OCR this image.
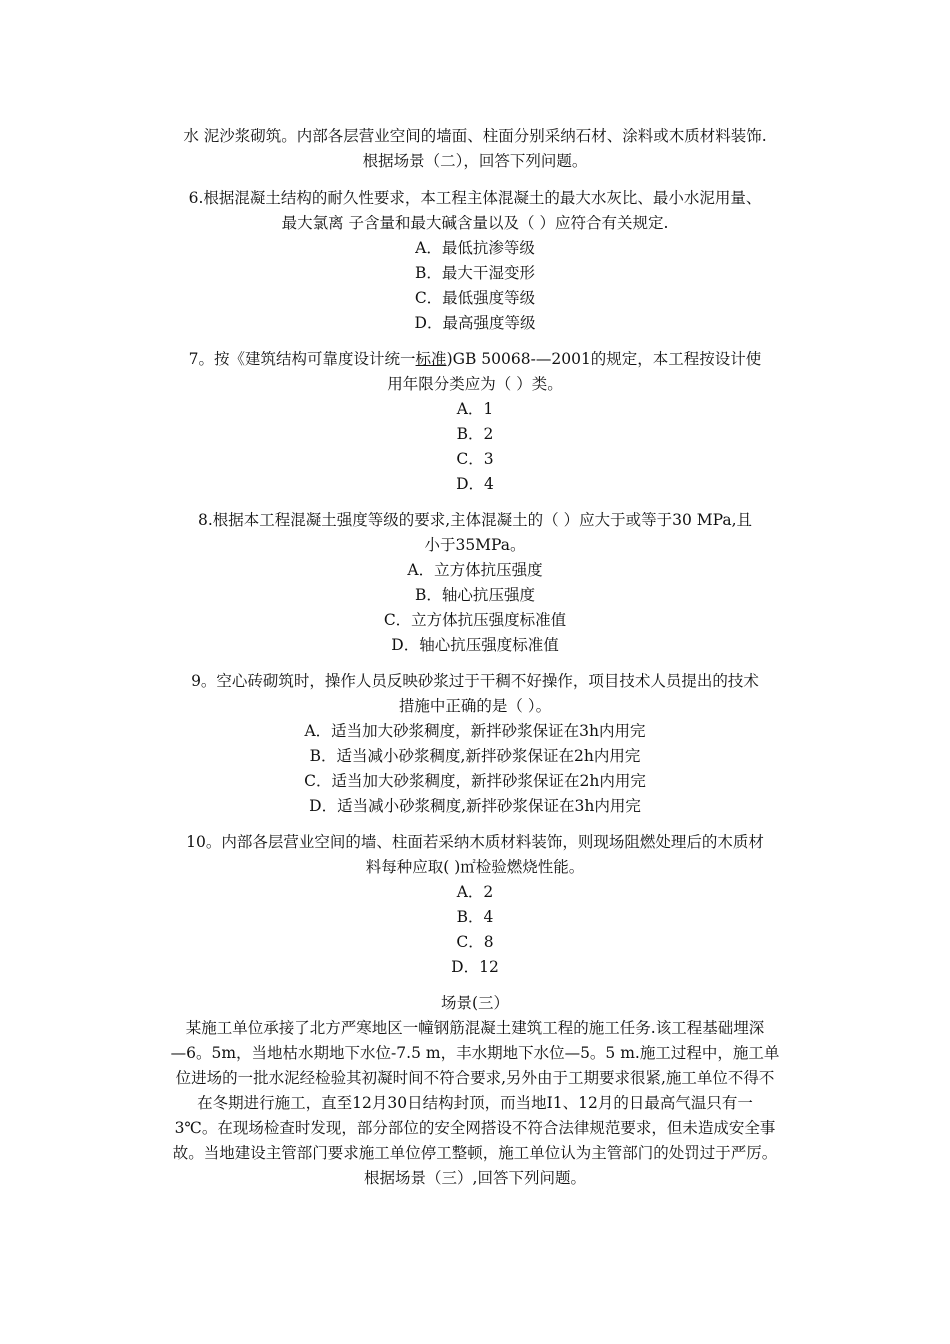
水 泥沙浆砌筑。内部各层营业空间的墙面、柱面分别采纳石材、涂料或木质材料装饰.
根据场景（二），回答下列问题。
6.根据混凝土结构的耐久性要求，本工程主体混凝土的最大水灰比、最小水泥用量、
最大氯离 子含量和最大碱含量以及（ ）应符合有关规定.
A．最低抗渗等级
B．最大干湿变形
C．最低强度等级
D．最高强度等级
7。按《建筑结构可靠度设计统一标准)GB 50068-—2001的规定，本工程按设计使
用年限分类应为（ ）类。
A．1
B．2
C．3
D．4
8.根据本工程混凝土强度等级的要求,主体混凝土的（ ）应大于或等于30 MPa,且
小于35MPa。
A．立方体抗压强度
B．轴心抗压强度
C．立方体抗压强度标准值
D．轴心抗压强度标准值
9。空心砖砌筑时，操作人员反映砂浆过于干稠不好操作，项目技术人员提出的技术
措施中正确的是（ ）。
A．适当加大砂浆稠度，新拌砂浆保证在3h内用完
B．适当减小砂浆稠度,新拌砂浆保证在2h内用完
C．适当加大砂浆稠度，新拌砂浆保证在2h内用完
D．适当减小砂浆稠度,新拌砂浆保证在3h内用完
10。内部各层营业空间的墙、柱面若采纳木质材料装饰，则现场阻燃处理后的木质材
料每种应取( )㎡检验燃烧性能。
A．2
B．4
C．8
D．12
场景(三）
某施工单位承接了北方严寒地区一幢钢筋混凝土建筑工程的施工任务.该工程基础埋深
—6。5m，当地枯水期地下水位-7.5 m，丰水期地下水位—5。5 m.施工过程中，施工单
位进场的一批水泥经检验其初凝时间不符合要求,另外由于工期要求很紧,施工单位不得不
在冬期进行施工，直至12月30日结构封顶，而当地I1、12月的日最高气温只有一
3℃。在现场检查时发现，部分部位的安全网搭设不符合法律规范要求，但未造成安全事
故。当地建设主管部门要求施工单位停工整顿，施工单位认为主管部门的处罚过于严厉。
根据场景（三）,回答下列问题。
